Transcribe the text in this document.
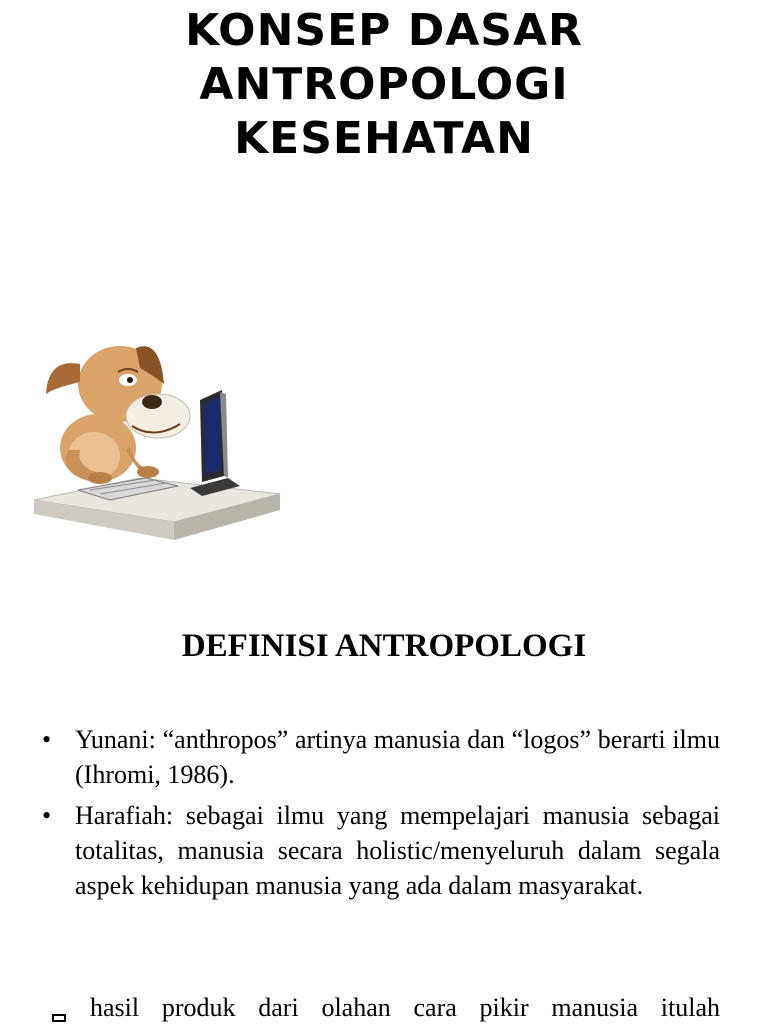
KONSEP DASAR
ANTROPOLOGI
KESEHATAN
DEFINISI ANTROPOLOGI
• Yunani: “anthropos” artinya manusia dan “logos” berarti ilmu (Ihromi, 1986).
• Harafiah: sebagai ilmu yang mempelajari manusia sebagai totalitas, manusia secara holistic/menyeluruh dalam segala aspek kehidupan manusia yang ada dalam masyarakat.
hasil produk dari olahan cara pikir manusia itulah
